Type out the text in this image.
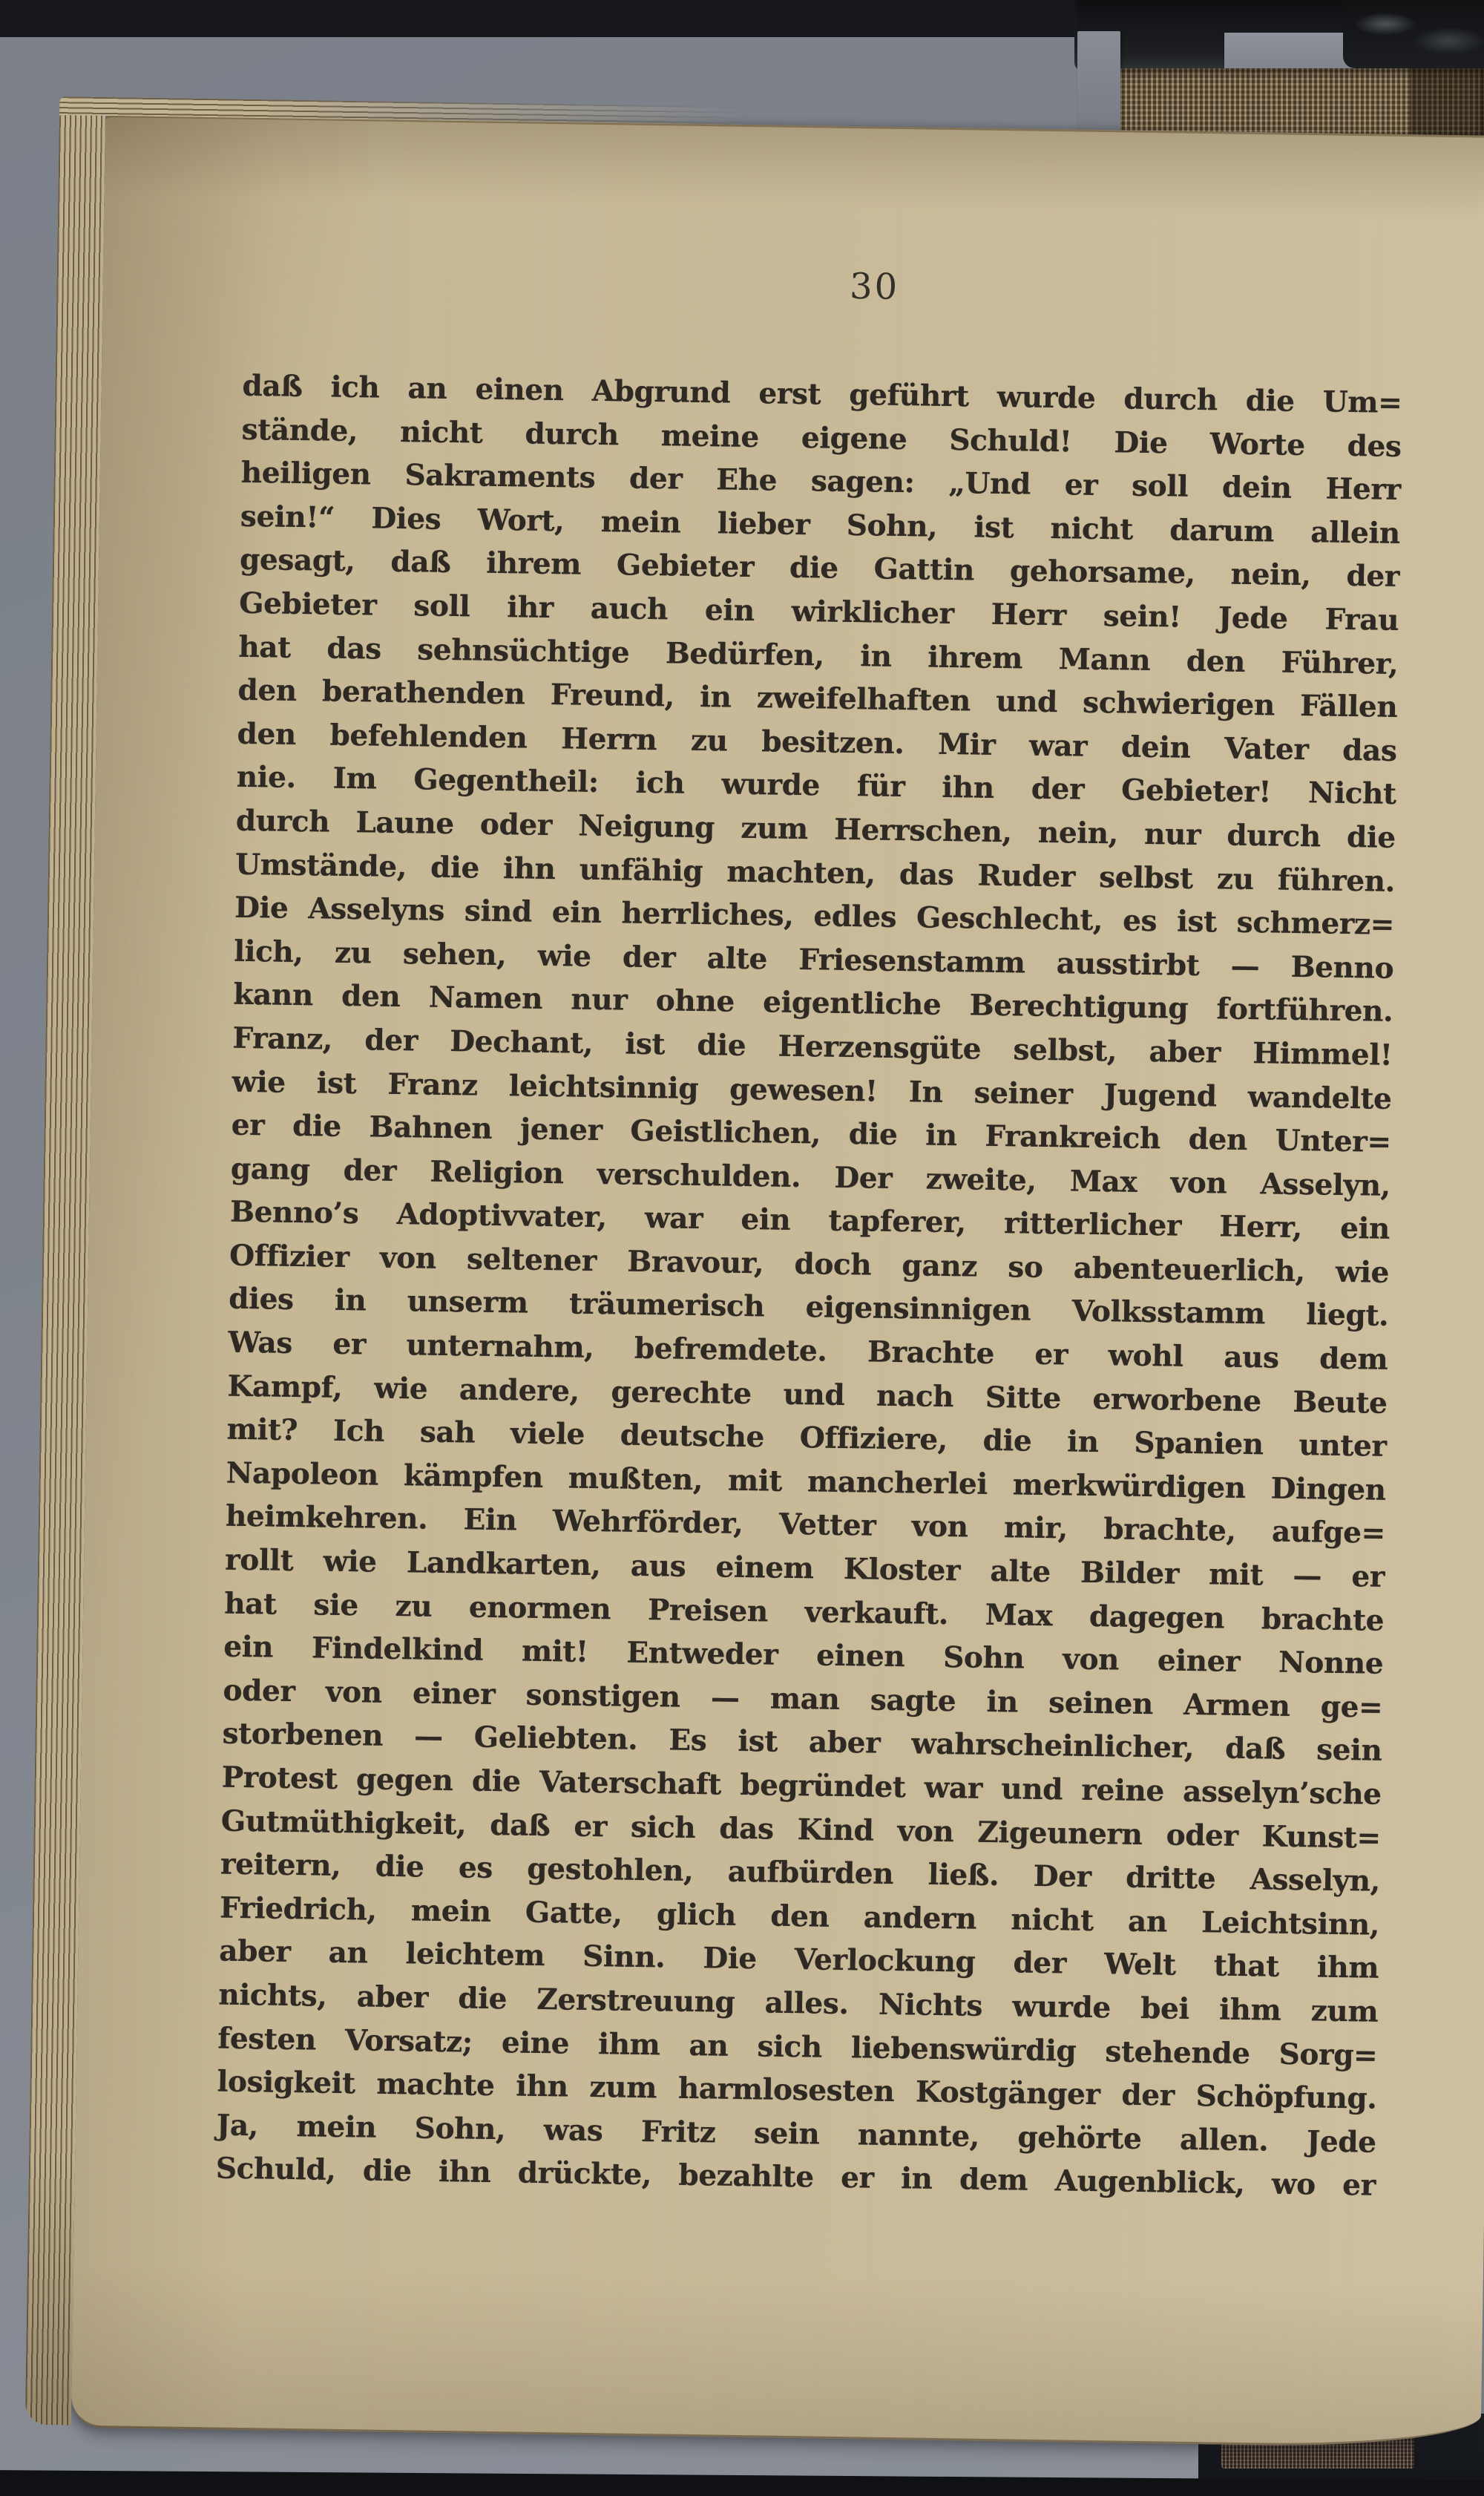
30
daß ich an einen Abgrund erst geführt wurde durch die Um=
stände, nicht durch meine eigene Schuld! Die Worte des
heiligen Sakraments der Ehe sagen: „Und er soll dein Herr
sein!“ Dies Wort, mein lieber Sohn, ist nicht darum allein
gesagt, daß ihrem Gebieter die Gattin gehorsame, nein, der
Gebieter soll ihr auch ein wirklicher Herr sein! Jede Frau
hat das sehnsüchtige Bedürfen, in ihrem Mann den Führer,
den berathenden Freund, in zweifelhaften und schwierigen Fällen
den befehlenden Herrn zu besitzen. Mir war dein Vater das
nie. Im Gegentheil: ich wurde für ihn der Gebieter! Nicht
durch Laune oder Neigung zum Herrschen, nein, nur durch die
Umstände, die ihn unfähig machten, das Ruder selbst zu führen.
Die Asselyns sind ein herrliches, edles Geschlecht, es ist schmerz=
lich, zu sehen, wie der alte Friesenstamm ausstirbt — Benno
kann den Namen nur ohne eigentliche Berechtigung fortführen.
Franz, der Dechant, ist die Herzensgüte selbst, aber Himmel!
wie ist Franz leichtsinnig gewesen! In seiner Jugend wandelte
er die Bahnen jener Geistlichen, die in Frankreich den Unter=
gang der Religion verschulden. Der zweite, Max von Asselyn,
Benno’s Adoptivvater, war ein tapferer, ritterlicher Herr, ein
Offizier von seltener Bravour, doch ganz so abenteuerlich, wie
dies in unserm träumerisch eigensinnigen Volksstamm liegt.
Was er unternahm, befremdete. Brachte er wohl aus dem
Kampf, wie andere, gerechte und nach Sitte erworbene Beute
mit? Ich sah viele deutsche Offiziere, die in Spanien unter
Napoleon kämpfen mußten, mit mancherlei merkwürdigen Dingen
heimkehren. Ein Wehrförder, Vetter von mir, brachte, aufge=
rollt wie Landkarten, aus einem Kloster alte Bilder mit — er
hat sie zu enormen Preisen verkauft. Max dagegen brachte
ein Findelkind mit! Entweder einen Sohn von einer Nonne
oder von einer sonstigen — man sagte in seinen Armen ge=
storbenen — Geliebten. Es ist aber wahrscheinlicher, daß sein
Protest gegen die Vaterschaft begründet war und reine asselyn’sche
Gutmüthigkeit, daß er sich das Kind von Zigeunern oder Kunst=
reitern, die es gestohlen, aufbürden ließ. Der dritte Asselyn,
Friedrich, mein Gatte, glich den andern nicht an Leichtsinn,
aber an leichtem Sinn. Die Verlockung der Welt that ihm
nichts, aber die Zerstreuung alles. Nichts wurde bei ihm zum
festen Vorsatz; eine ihm an sich liebenswürdig stehende Sorg=
losigkeit machte ihn zum harmlosesten Kostgänger der Schöpfung.
Ja, mein Sohn, was Fritz sein nannte, gehörte allen. Jede
Schuld, die ihn drückte, bezahlte er in dem Augenblick, wo er
